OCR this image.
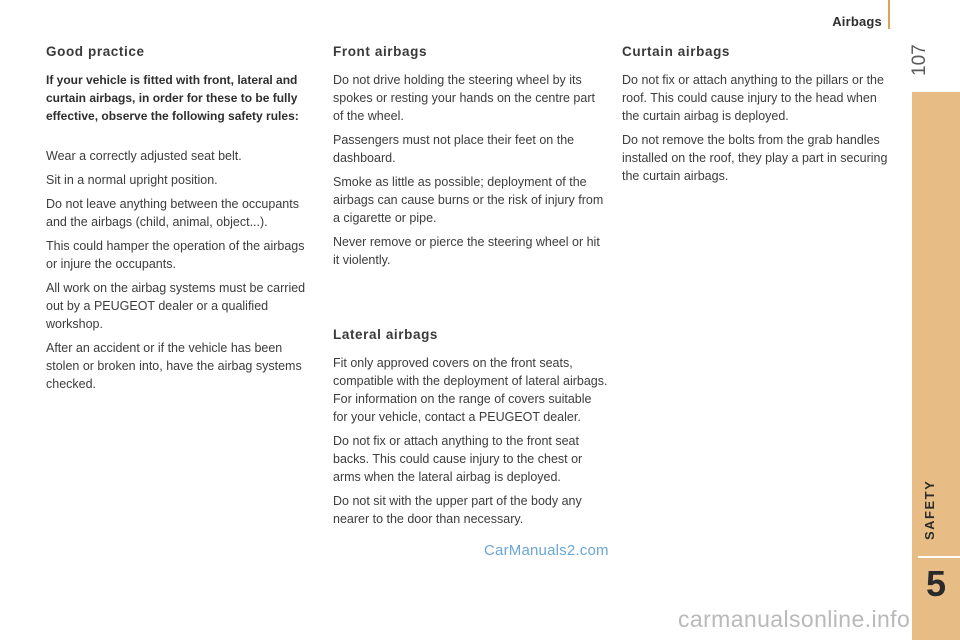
Airbags
107
SAFETY
5
Good practice
If your vehicle is fitted with front, lateral and curtain airbags, in order for these to be fully effective, observe the following safety rules:

Wear a correctly adjusted seat belt.

Sit in a normal upright position.

Do not leave anything between the occupants and the airbags (child, animal, object...).

This could hamper the operation of the airbags or injure the occupants.

All work on the airbag systems must be carried out by a PEUGEOT dealer or a qualified workshop.

After an accident or if the vehicle has been stolen or broken into, have the airbag systems checked.

Front airbags

Do not drive holding the steering wheel by its spokes or resting your hands on the centre part of the wheel.

Passengers must not place their feet on the dashboard.

Smoke as little as possible; deployment of the airbags can cause burns or the risk of injury from a cigarette or pipe.

Never remove or pierce the steering wheel or hit it violently.

Lateral airbags

Fit only approved covers on the front seats, compatible with the deployment of lateral airbags. For information on the range of covers suitable for your vehicle, contact a PEUGEOT dealer.

Do not fix or attach anything to the front seat backs. This could cause injury to the chest or arms when the lateral airbag is deployed.

Do not sit with the upper part of the body any nearer to the door than necessary.

Curtain airbags

Do not fix or attach anything to the pillars or the roof. This could cause injury to the head when the curtain airbag is deployed.

Do not remove the bolts from the grab handles installed on the roof, they play a part in securing the curtain airbags.

CarManuals2.com
carmanualsonline.info
